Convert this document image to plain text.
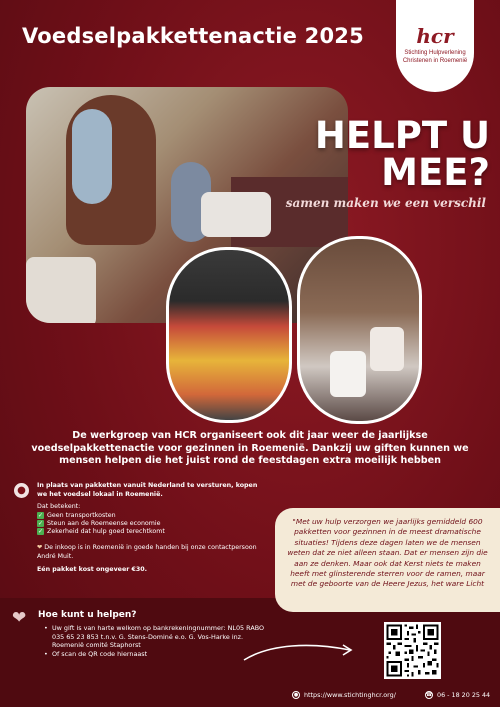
Voedselpakkettenactie 2025	hcr
Stichting Hulpverlening Christenen in Roemenië
HELPT U
MEE?
samen maken we een verschil
De werkgroep van HCR organiseert ook dit jaar weer de jaarlijkse voedselpakkettenactie voor gezinnen in Roemenië. Dankzij uw giften kunnen we mensen helpen die het juist rond de feestdagen extra moeilijk hebben
●	In plaats van pakketten vanuit Nederland te versturen, kopen we het voedsel lokaal in Roemenië.
Dat betekent:
✓ Geen transportkosten
✓ Steun aan de Roemeense economie
✓ Zekerheid dat hulp goed terechtkomt
❤ De inkoop is in Roemenië in goede handen bij onze contactpersoon André Muit.
Eén pakket kost ongeveer €30.
"Met uw hulp verzorgen we jaarlijks gemiddeld 600 pakketten voor gezinnen in de meest dramatische situaties! Tijdens deze dagen laten we de mensen weten dat ze niet alleen staan. Dat er mensen zijn die aan ze denken. Maar ook dat Kerst niets te maken heeft met glinsterende sterren voor de ramen, maar met de geboorte van de Heere Jezus, het ware Licht
❤	Hoe kunt u helpen?
• Uw gift is van harte welkom op bankrekeningnummer: NL05 RABO 035 65 23 853 t.n.v. G. Stens-Dominé e.o. G. Vos-Harke inz. Roemenië comité Staphorst
• Of scan de QR code hiernaast
● https://www.stichtinghcr.org/	☎ 06 - 18 20 25 44
